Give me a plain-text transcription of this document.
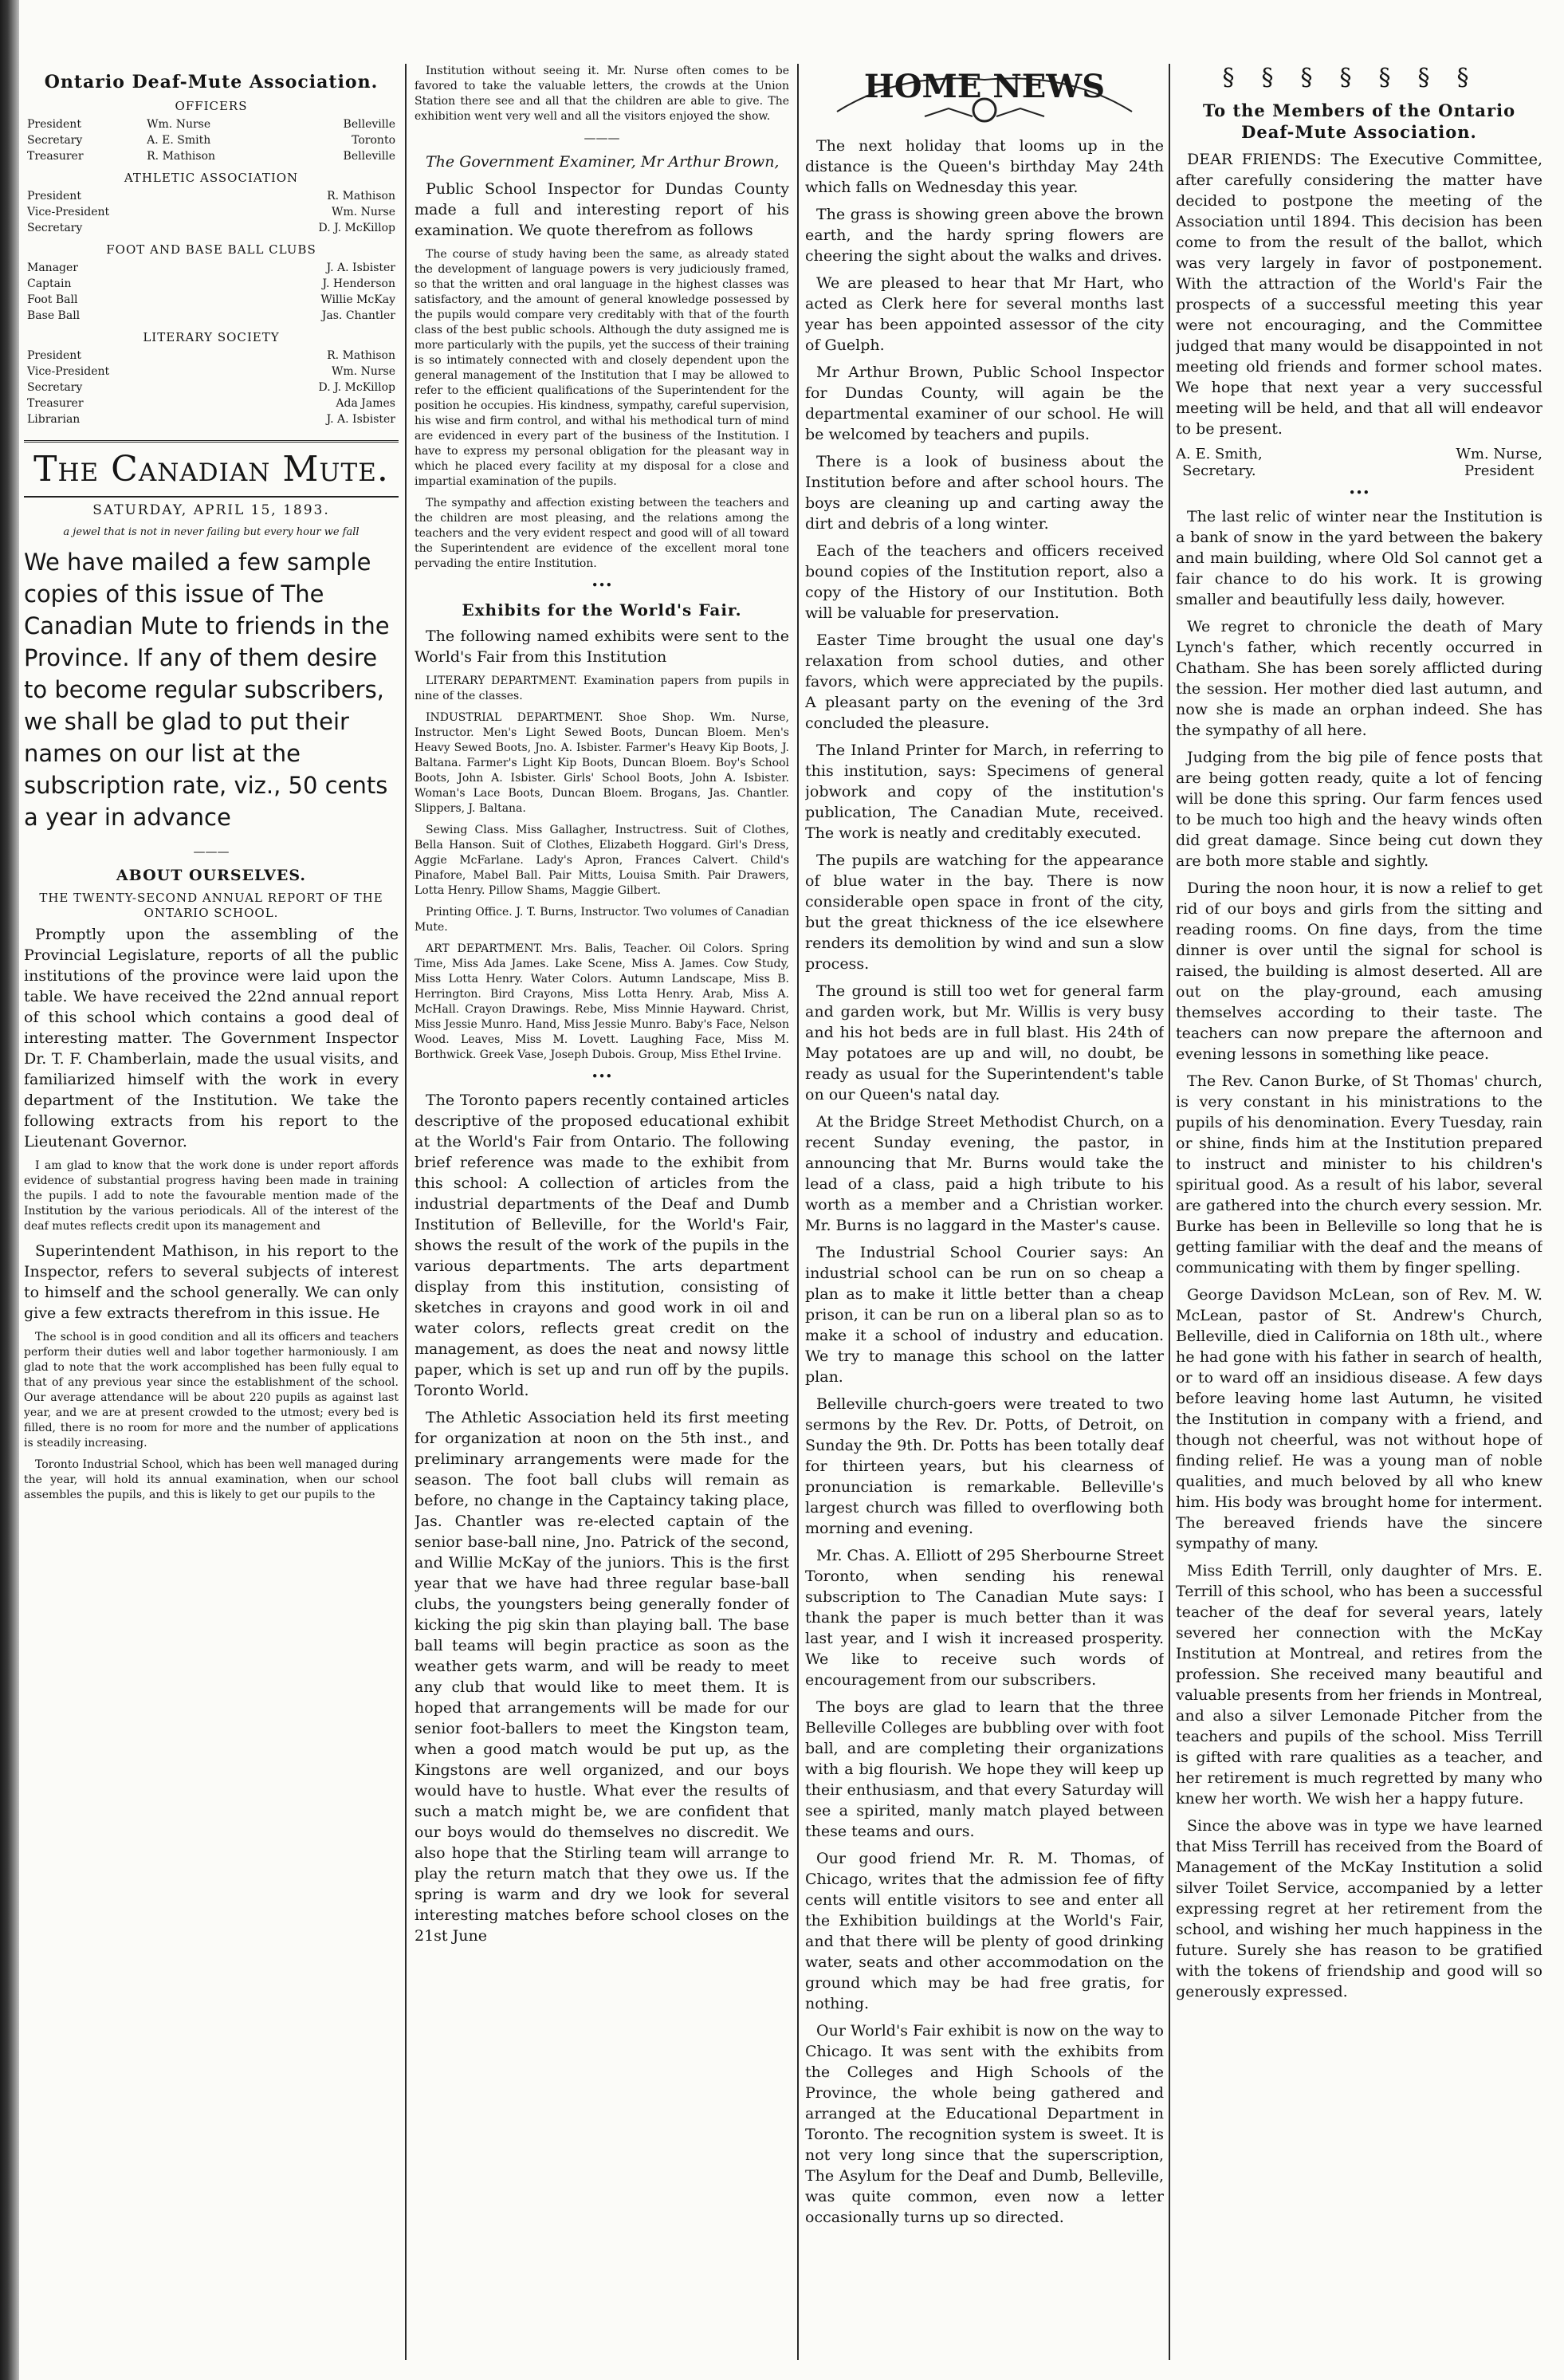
Ontario Deaf-Mute Association.
OFFICERS
President	Wm. Nurse	Belleville
Secretary	A. E. Smith	Toronto
Treasurer	R. Mathison	Belleville
ATHLETIC ASSOCIATION
President	R. Mathison
Vice-President	Wm. Nurse
Secretary	D. J. McKillop
FOOT AND BASE BALL CLUBS
Manager	J. A. Isbister
Captain	J. Henderson
Foot Ball	Willie McKay
Base Ball	Jas. Chantler
LITERARY SOCIETY
President	R. Mathison
Vice-President	Wm. Nurse
Secretary	D. J. McKillop
Treasurer	Ada James
Librarian	J. A. Isbister
The Canadian Mute.
SATURDAY, APRIL 15, 1893.
a jewel that is not in never failing but every hour we fall
We have mailed a few sample copies of this issue of The Canadian Mute to friends in the Province. If any of them desire to become regular subscribers, we shall be glad to put their names on our list at the subscription rate, viz., 50 cents a year in advance
———
ABOUT OURSELVES.
THE TWENTY-SECOND ANNUAL REPORT OF THE ONTARIO SCHOOL.

Promptly upon the assembling of the Provincial Legislature, reports of all the public institutions of the province were laid upon the table. We have received the 22nd annual report of this school which contains a good deal of interesting matter. The Government Inspector Dr. T. F. Chamberlain, made the usual visits, and familiarized himself with the work in every department of the Institution. We take the following extracts from his report to the Lieutenant Governor.

I am glad to know that the work done is under report affords evidence of substantial progress having been made in training the pupils. I add to note the favourable mention made of the Institution by the various periodicals. All of the interest of the deaf mutes reflects credit upon its management and

Superintendent Mathison, in his report to the Inspector, refers to several subjects of interest to himself and the school generally. We can only give a few extracts therefrom in this issue. He

The school is in good condition and all its officers and teachers perform their duties well and labor together harmoniously. I am glad to note that the work accomplished has been fully equal to that of any previous year since the establishment of the school. Our average attendance will be about 220 pupils as against last year, and we are at present crowded to the utmost; every bed is filled, there is no room for more and the number of applications is steadily increasing.

Toronto Industrial School, which has been well managed during the year, will hold its annual examination, when our school assembles the pupils, and this is likely to get our pupils to the

Institution without seeing it. Mr. Nurse often comes to be favored to take the valuable letters, the crowds at the Union Station there see and all that the children are able to give. The exhibition went very well and all the visitors enjoyed the show.

———

The Government Examiner, Mr Arthur Brown,

Public School Inspector for Dundas County made a full and interesting report of his examination. We quote therefrom as follows

The course of study having been the same, as already stated the development of language powers is very judiciously framed, so that the written and oral language in the highest classes was satisfactory, and the amount of general knowledge possessed by the pupils would compare very creditably with that of the fourth class of the best public schools. Although the duty assigned me is more particularly with the pupils, yet the success of their training is so intimately connected with and closely dependent upon the general management of the Institution that I may be allowed to refer to the efficient qualifications of the Superintendent for the position he occupies. His kindness, sympathy, careful supervision, his wise and firm control, and withal his methodical turn of mind are evidenced in every part of the business of the Institution. I have to express my personal obligation for the pleasant way in which he placed every facility at my disposal for a close and impartial examination of the pupils.

The sympathy and affection existing between the teachers and the children are most pleasing, and the relations among the teachers and the very evident respect and good will of all toward the Superintendent are evidence of the excellent moral tone pervading the entire Institution.

•••
Exhibits for the World's Fair.

The following named exhibits were sent to the World's Fair from this Institution

LITERARY DEPARTMENT. Examination papers from pupils in nine of the classes.

INDUSTRIAL DEPARTMENT. Shoe Shop. Wm. Nurse, Instructor. Men's Light Sewed Boots, Duncan Bloem. Men's Heavy Sewed Boots, Jno. A. Isbister. Farmer's Heavy Kip Boots, J. Baltana. Farmer's Light Kip Boots, Duncan Bloem. Boy's School Boots, John A. Isbister. Girls' School Boots, John A. Isbister. Woman's Lace Boots, Duncan Bloem. Brogans, Jas. Chantler. Slippers, J. Baltana.

Sewing Class. Miss Gallagher, Instructress. Suit of Clothes, Bella Hanson. Suit of Clothes, Elizabeth Hoggard. Girl's Dress, Aggie McFarlane. Lady's Apron, Frances Calvert. Child's Pinafore, Mabel Ball. Pair Mitts, Louisa Smith. Pair Drawers, Lotta Henry. Pillow Shams, Maggie Gilbert.

Printing Office. J. T. Burns, Instructor. Two volumes of Canadian Mute.

ART DEPARTMENT. Mrs. Balis, Teacher. Oil Colors. Spring Time, Miss Ada James. Lake Scene, Miss A. James. Cow Study, Miss Lotta Henry. Water Colors. Autumn Landscape, Miss B. Herrington. Bird Crayons, Miss Lotta Henry. Arab, Miss A. McHall. Crayon Drawings. Rebe, Miss Minnie Hayward. Christ, Miss Jessie Munro. Hand, Miss Jessie Munro. Baby's Face, Nelson Wood. Leaves, Miss M. Lovett. Laughing Face, Miss M. Borthwick. Greek Vase, Joseph Dubois. Group, Miss Ethel Irvine.

•••

The Toronto papers recently contained articles descriptive of the proposed educational exhibit at the World's Fair from Ontario. The following brief reference was made to the exhibit from this school: A collection of articles from the industrial departments of the Deaf and Dumb Institution of Belleville, for the World's Fair, shows the result of the work of the pupils in the various departments. The arts department display from this institution, consisting of sketches in crayons and good work in oil and water colors, reflects great credit on the management, as does the neat and nowsy little paper, which is set up and run off by the pupils. Toronto World.

The Athletic Association held its first meeting for organization at noon on the 5th inst., and preliminary arrangements were made for the season. The foot ball clubs will remain as before, no change in the Captaincy taking place, Jas. Chantler was re-elected captain of the senior base-ball nine, Jno. Patrick of the second, and Willie McKay of the juniors. This is the first year that we have had three regular base-ball clubs, the youngsters being generally fonder of kicking the pig skin than playing ball. The base ball teams will begin practice as soon as the weather gets warm, and will be ready to meet any club that would like to meet them. It is hoped that arrangements will be made for our senior foot-ballers to meet the Kingston team, when a good match would be put up, as the Kingstons are well organized, and our boys would have to hustle. What ever the results of such a match might be, we are confident that our boys would do themselves no discredit. We also hope that the Stirling team will arrange to play the return match that they owe us. If the spring is warm and dry we look for several interesting matches before school closes on the 21st June

HOME NEWS

The next holiday that looms up in the distance is the Queen's birthday May 24th which falls on Wednesday this year.

The grass is showing green above the brown earth, and the hardy spring flowers are cheering the sight about the walks and drives.

We are pleased to hear that Mr Hart, who acted as Clerk here for several months last year has been appointed assessor of the city of Guelph.

Mr Arthur Brown, Public School Inspector for Dundas County, will again be the departmental examiner of our school. He will be welcomed by teachers and pupils.

There is a look of business about the Institution before and after school hours. The boys are cleaning up and carting away the dirt and debris of a long winter.

Each of the teachers and officers received bound copies of the Institution report, also a copy of the History of our Institution. Both will be valuable for preservation.

Easter Time brought the usual one day's relaxation from school duties, and other favors, which were appreciated by the pupils. A pleasant party on the evening of the 3rd concluded the pleasure.

The Inland Printer for March, in referring to this institution, says: Specimens of general jobwork and copy of the institution's publication, The Canadian Mute, received. The work is neatly and creditably executed.

The pupils are watching for the appearance of blue water in the bay. There is now considerable open space in front of the city, but the great thickness of the ice elsewhere renders its demolition by wind and sun a slow process.

The ground is still too wet for general farm and garden work, but Mr. Willis is very busy and his hot beds are in full blast. His 24th of May potatoes are up and will, no doubt, be ready as usual for the Superintendent's table on our Queen's natal day.

At the Bridge Street Methodist Church, on a recent Sunday evening, the pastor, in announcing that Mr. Burns would take the lead of a class, paid a high tribute to his worth as a member and a Christian worker. Mr. Burns is no laggard in the Master's cause.

The Industrial School Courier says: An industrial school can be run on so cheap a plan as to make it little better than a cheap prison, it can be run on a liberal plan so as to make it a school of industry and education. We try to manage this school on the latter plan.

Belleville church-goers were treated to two sermons by the Rev. Dr. Potts, of Detroit, on Sunday the 9th. Dr. Potts has been totally deaf for thirteen years, but his clearness of pronunciation is remarkable. Belleville's largest church was filled to overflowing both morning and evening.

Mr. Chas. A. Elliott of 295 Sherbourne Street Toronto, when sending his renewal subscription to The Canadian Mute says: I thank the paper is much better than it was last year, and I wish it increased prosperity. We like to receive such words of encouragement from our subscribers.

The boys are glad to learn that the three Belleville Colleges are bubbling over with foot ball, and are completing their organizations with a big flourish. We hope they will keep up their enthusiasm, and that every Saturday will see a spirited, manly match played between these teams and ours.

Our good friend Mr. R. M. Thomas, of Chicago, writes that the admission fee of fifty cents will entitle visitors to see and enter all the Exhibition buildings at the World's Fair, and that there will be plenty of good drinking water, seats and other accommodation on the ground which may be had free gratis, for nothing.

Our World's Fair exhibit is now on the way to Chicago. It was sent with the exhibits from the Colleges and High Schools of the Province, the whole being gathered and arranged at the Educational Department in Toronto. The recognition system is sweet. It is not very long since that the superscription, The Asylum for the Deaf and Dumb, Belleville, was quite common, even now a letter occasionally turns up so directed.

§§§§§§§
To the Members of the Ontario Deaf-Mute Association.

DEAR FRIENDS: The Executive Committee, after carefully considering the matter have decided to postpone the meeting of the Association until 1894. This decision has been come to from the result of the ballot, which was very largely in favor of postponement. With the attraction of the World's Fair the prospects of a successful meeting this year were not encouraging, and the Committee judged that many would be disappointed in not meeting old friends and former school mates. We hope that next year a very successful meeting will be held, and that all will endeavor to be present.

A. E. Smith,
Secretary.
Wm. Nurse,
President
•••

The last relic of winter near the Institution is a bank of snow in the yard between the bakery and main building, where Old Sol cannot get a fair chance to do his work. It is growing smaller and beautifully less daily, however.

We regret to chronicle the death of Mary Lynch's father, which recently occurred in Chatham. She has been sorely afflicted during the session. Her mother died last autumn, and now she is made an orphan indeed. She has the sympathy of all here.

Judging from the big pile of fence posts that are being gotten ready, quite a lot of fencing will be done this spring. Our farm fences used to be much too high and the heavy winds often did great damage. Since being cut down they are both more stable and sightly.

During the noon hour, it is now a relief to get rid of our boys and girls from the sitting and reading rooms. On fine days, from the time dinner is over until the signal for school is raised, the building is almost deserted. All are out on the play-ground, each amusing themselves according to their taste. The teachers can now prepare the afternoon and evening lessons in something like peace.

The Rev. Canon Burke, of St Thomas' church, is very constant in his ministrations to the pupils of his denomination. Every Tuesday, rain or shine, finds him at the Institution prepared to instruct and minister to his children's spiritual good. As a result of his labor, several are gathered into the church every session. Mr. Burke has been in Belleville so long that he is getting familiar with the deaf and the means of communicating with them by finger spelling.

George Davidson McLean, son of Rev. M. W. McLean, pastor of St. Andrew's Church, Belleville, died in California on 18th ult., where he had gone with his father in search of health, or to ward off an insidious disease. A few days before leaving home last Autumn, he visited the Institution in company with a friend, and though not cheerful, was not without hope of finding relief. He was a young man of noble qualities, and much beloved by all who knew him. His body was brought home for interment. The bereaved friends have the sincere sympathy of many.

Miss Edith Terrill, only daughter of Mrs. E. Terrill of this school, who has been a successful teacher of the deaf for several years, lately severed her connection with the McKay Institution at Montreal, and retires from the profession. She received many beautiful and valuable presents from her friends in Montreal, and also a silver Lemonade Pitcher from the teachers and pupils of the school. Miss Terrill is gifted with rare qualities as a teacher, and her retirement is much regretted by many who knew her worth. We wish her a happy future.

Since the above was in type we have learned that Miss Terrill has received from the Board of Management of the McKay Institution a solid silver Toilet Service, accompanied by a letter expressing regret at her retirement from the school, and wishing her much happiness in the future. Surely she has reason to be gratified with the tokens of friendship and good will so generously expressed.
